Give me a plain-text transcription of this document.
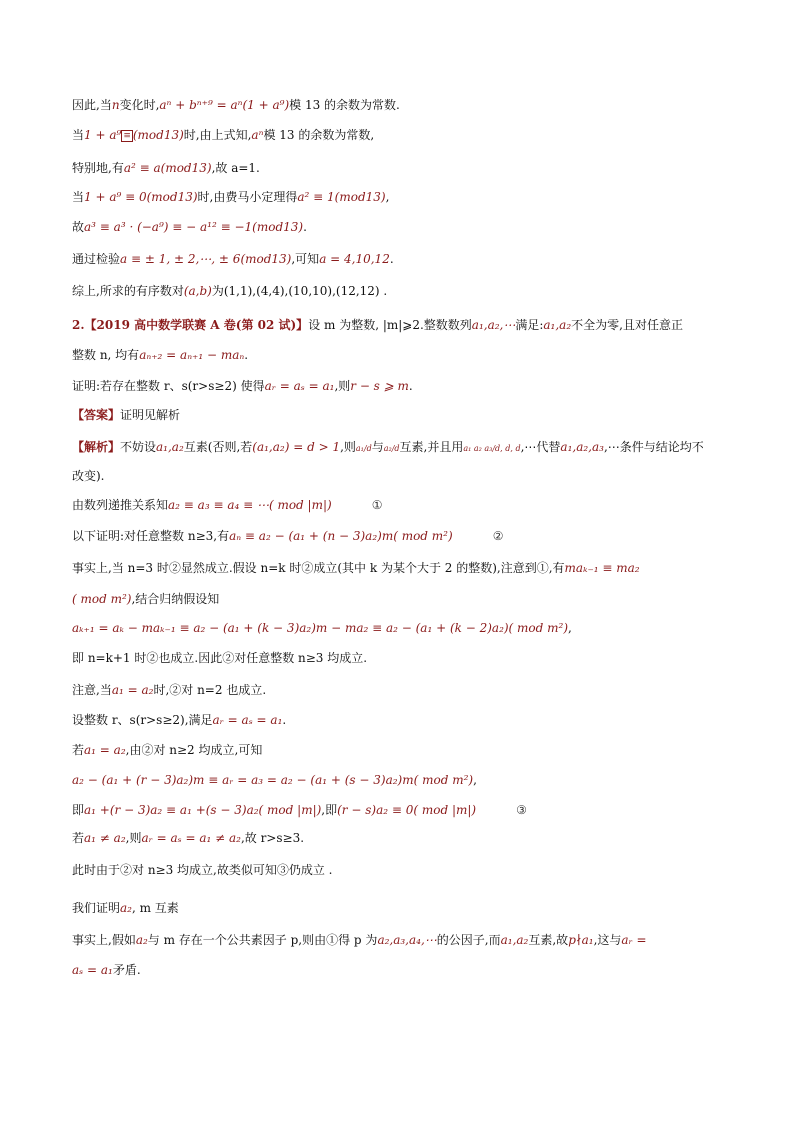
因此,当n变化时,aⁿ + bⁿ⁺⁹ = aⁿ(1 + a⁹)模 13 的余数为常数.
当1 + a⁹ ≡ (mod13)时,由上式知,aⁿ模 13 的余数为常数,
特别地,有a² ≡ a(mod13),故 a=1.
当1 + a⁹ ≡ 0(mod13)时,由费马小定理得a² ≡ 1(mod13),
故a³ ≡ a³ · (−a⁹) ≡ − a¹² ≡ −1(mod13).
通过检验a ≡ ± 1, ± 2,⋯, ± 6(mod13),可知a = 4,10,12.
综上,所求的有序数对(a,b)为(1,1),(4,4),(10,10),(12,12) .
2.【2019 高中数学联赛 A 卷(第 02 试)】设 m 为整数, |m|⩾2.整数数列a₁,a₂,⋯满足:a₁,a₂不全为零,且对任意正
整数 n, 均有aₙ₊₂ = aₙ₊₁ − maₙ.
证明:若存在整数 r、s(r>s≥2) 使得aᵣ = aₛ = a₁,则r − s ⩾ m.
【答案】证明见解析
【解析】不妨设a₁,a₂互素(否则,若(a₁,a₂) = d > 1,则a₁/d与a₂/d互素,并且用a₁ a₂ a₃/d, d, d,⋯代替a₁,a₂,a₃,⋯条件与结论均不
改变).
由数列递推关系知a₂ ≡ a₃ ≡ a₄ ≡ ⋯( mod |m|)	①
以下证明:对任意整数 n≥3,有aₙ ≡ a₂ − (a₁ + (n − 3)a₂)m( mod m²)	②
事实上,当 n=3 时②显然成立.假设 n=k 时②成立(其中 k 为某个大于 2 的整数),注意到①,有maₖ₋₁ ≡ ma₂
( mod m²),结合归纳假设知
aₖ₊₁ = aₖ − maₖ₋₁ ≡ a₂ − (a₁ + (k − 3)a₂)m − ma₂ ≡ a₂ − (a₁ + (k − 2)a₂)( mod m²),
即 n=k+1 时②也成立.因此②对任意整数 n≥3 均成立.
注意,当a₁ = a₂时,②对 n=2 也成立.
设整数 r、s(r>s≥2),满足aᵣ = aₛ = a₁.
若a₁ = a₂,由②对 n≥2 均成立,可知
a₂ − (a₁ + (r − 3)a₂)m ≡ aᵣ = a₃ = a₂ − (a₁ + (s − 3)a₂)m( mod m²),
即a₁ +(r − 3)a₂ ≡ a₁ +(s − 3)a₂( mod |m|),即(r − s)a₂ ≡ 0( mod |m|)	③
若a₁ ≠ a₂,则aᵣ = aₛ = a₁ ≠ a₂,故 r>s≥3.
此时由于②对 n≥3 均成立,故类似可知③仍成立 .
我们证明a₂, m 互素
事实上,假如a₂与 m 存在一个公共素因子 p,则由①得 p 为a₂,a₃,a₄,⋯的公因子,而a₁,a₂互素,故p∤a₁,这与aᵣ =
aₛ = a₁矛盾.
